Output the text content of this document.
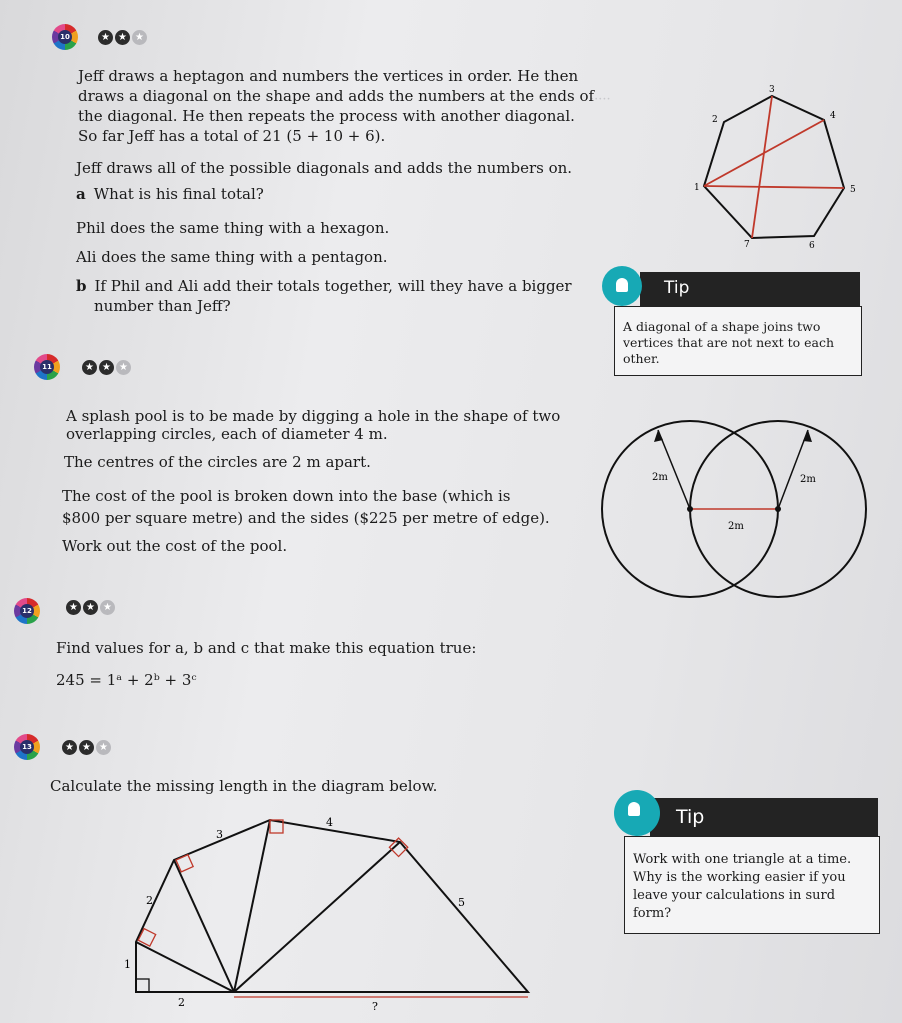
·····
10	★ ★ ★
Jeff draws a heptagon and numbers the vertices in order. He then
draws a diagonal on the shape and adds the numbers at the ends of
the diagonal. He then repeats the process with another diagonal.
So far Jeff has a total of 21 (5 + 10 + 6).
Jeff draws all of the possible diagonals and adds the numbers on.
a What is his final total?
Phil does the same thing with a hexagon.
Ali does the same thing with a pentagon.
b If Phil and Ali add their totals together, will they have a bigger
number than Jeff?
1
2
3
4
5
6
7
A diagonal of a shape joins two vertices that are not next to each other.
Tip
11	★ ★ ★
A splash pool is to be made by digging a hole in the shape of two
overlapping circles, each of diameter 4 m.
The centres of the circles are 2 m apart.
The cost of the pool is broken down into the base (which is
$800 per square metre) and the sides ($225 per metre of edge).
Work out the cost of the pool.
2m	2m
2m
12	★ ★ ★
Find values for a, b and c that make this equation true:
245 = 1ᵃ + 2ᵇ + 3ᶜ
13	★ ★ ★
Calculate the missing length in the diagram below.
1
2
2
3
4
5
?
Work with one triangle at a time. Why is the working easier if you leave your calculations in surd form?
Tip
